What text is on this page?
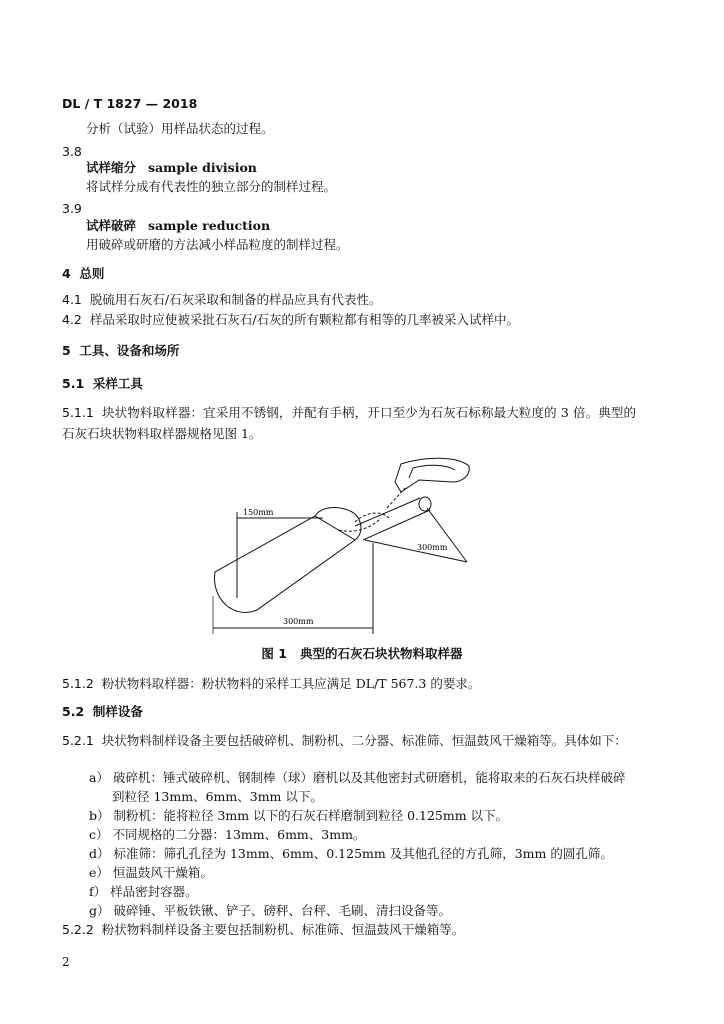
DL / T 1827 — 2018
分析（试验）用样品状态的过程。
3.8
试样缩分 sample division
将试样分成有代表性的独立部分的制样过程。
3.9
试样破碎 sample reduction
用破碎或研磨的方法减小样品粒度的制样过程。
4 总则
4.1 脱硫用石灰石/石灰采取和制备的样品应具有代表性。
4.2 样品采取时应使被采批石灰石/石灰的所有颗粒都有相等的几率被采入试样中。
5 工具、设备和场所
5.1 采样工具
5.1.1 块状物料取样器：宜采用不锈钢，并配有手柄，开口至少为石灰石标称最大粒度的 3 倍。典型的石灰石块状物料取样器规格见图 1。
150mm
300mm
300mm
图 1 典型的石灰石块状物料取样器
5.1.2 粉状物料取样器：粉状物料的采样工具应满足 DL/T 567.3 的要求。
5.2 制样设备
5.2.1 块状物料制样设备主要包括破碎机、制粉机、二分器、标准筛、恒温鼓风干燥箱等。具体如下：
a） 破碎机：锤式破碎机、钢制棒（球）磨机以及其他密封式研磨机，能将取来的石灰石块样破碎
到粒径 13mm、6mm、3mm 以下。
b） 制粉机：能将粒径 3mm 以下的石灰石样磨制到粒径 0.125mm 以下。
c） 不同规格的二分器：13mm、6mm、3mm。
d） 标准筛：筛孔孔径为 13mm、6mm、0.125mm 及其他孔径的方孔筛，3mm 的圆孔筛。
e） 恒温鼓风干燥箱。
f） 样品密封容器。
g） 破碎锤、平板铁锹、铲子、磅秤、台秤、毛刷、清扫设备等。
5.2.2 粉状物料制样设备主要包括制粉机、标准筛、恒温鼓风干燥箱等。
2
